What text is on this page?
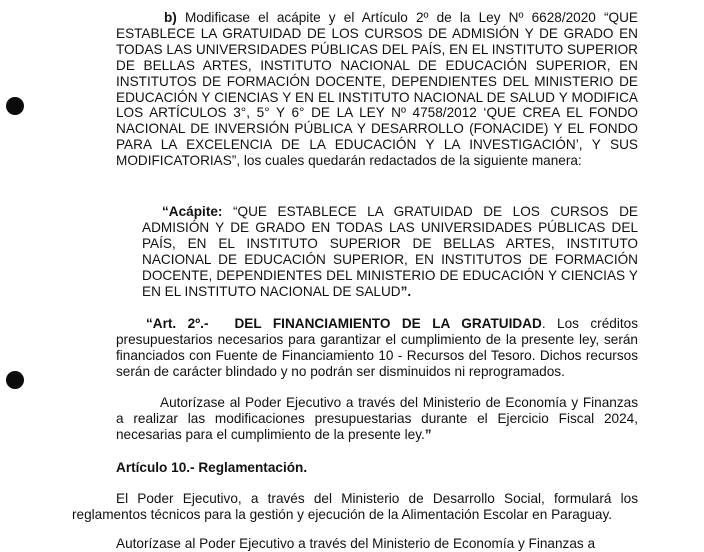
b) Modificase el acápite y el Artículo 2º de la Ley Nº 6628/2020 “QUE ESTABLECE LA GRATUIDAD DE LOS CURSOS DE ADMISIÓN Y DE GRADO EN TODAS LAS UNIVERSIDADES PÚBLICAS DEL PAÍS, EN EL INSTITUTO SUPERIOR DE BELLAS ARTES, INSTITUTO NACIONAL DE EDUCACIÓN SUPERIOR, EN INSTITUTOS DE FORMACIÓN DOCENTE, DEPENDIENTES DEL MINISTERIO DE EDUCACIÓN Y CIENCIAS Y EN EL INSTITUTO NACIONAL DE SALUD Y MODIFICA LOS ARTÍCULOS 3°, 5° Y 6° DE LA LEY Nº 4758/2012 ‘QUE CREA EL FONDO NACIONAL DE INVERSIÓN PÚBLICA Y DESARROLLO (FONACIDE) Y EL FONDO PARA LA EXCELENCIA DE LA EDUCACIÓN Y LA INVESTIGACIÓN’, Y SUS MODIFICATORIAS”, los cuales quedarán redactados de la siguiente manera:

“Acápite: “QUE ESTABLECE LA GRATUIDAD DE LOS CURSOS DE ADMISIÓN Y DE GRADO EN TODAS LAS UNIVERSIDADES PÚBLICAS DEL PAÍS, EN EL INSTITUTO SUPERIOR DE BELLAS ARTES, INSTITUTO NACIONAL DE EDUCACIÓN SUPERIOR, EN INSTITUTOS DE FORMACIÓN DOCENTE, DEPENDIENTES DEL MINISTERIO DE EDUCACIÓN Y CIENCIAS Y EN EL INSTITUTO NACIONAL DE SALUD”.

“Art. 2º.- DEL FINANCIAMIENTO DE LA GRATUIDAD. Los créditos presupuestarios necesarios para garantizar el cumplimiento de la presente ley, serán financiados con Fuente de Financiamiento 10 - Recursos del Tesoro. Dichos recursos serán de carácter blindado y no podrán ser disminuidos ni reprogramados.

Autorízase al Poder Ejecutivo a través del Ministerio de Economía y Finanzas a realizar las modificaciones presupuestarias durante el Ejercicio Fiscal 2024, necesarias para el cumplimiento de la presente ley.”

Artículo 10.- Reglamentación.

El Poder Ejecutivo, a través del Ministerio de Desarrollo Social, formulará los reglamentos técnicos para la gestión y ejecución de la Alimentación Escolar en Paraguay.

Autorízase al Poder Ejecutivo a través del Ministerio de Economía y Finanzas a
